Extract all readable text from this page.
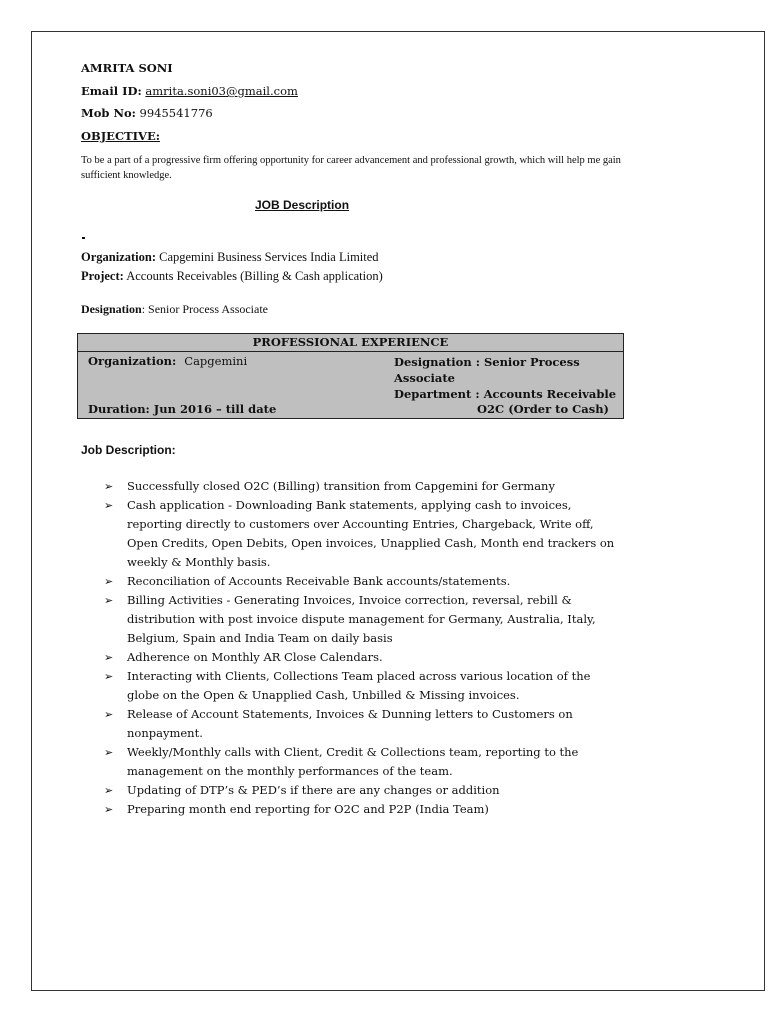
AMRITA SONI
Email ID: amrita.soni03@gmail.com
Mob No: 9945541776
OBJECTIVE:
To be a part of a progressive firm offering opportunity for career advancement and professional growth, which will help me gain sufficient knowledge.
JOB Description
Organization: Capgemini Business Services India Limited
Project: Accounts Receivables (Billing & Cash application)
Designation: Senior Process Associate
PROFESSIONAL EXPERIENCE
Organization: Capgemini	Designation : Senior Process Associate
Department : Accounts Receivable
Duration: Jun 2016 – till date	O2C (Order to Cash)
Job Description:
➢ Successfully closed O2C (Billing) transition from Capgemini for Germany
➢ Cash application - Downloading Bank statements, applying cash to invoices, reporting directly to customers over Accounting Entries, Chargeback, Write off, Open Credits, Open Debits, Open invoices, Unapplied Cash, Month end trackers on weekly & Monthly basis.
➢ Reconciliation of Accounts Receivable Bank accounts/statements.
➢ Billing Activities - Generating Invoices, Invoice correction, reversal, rebill & distribution with post invoice dispute management for Germany, Australia, Italy, Belgium, Spain and India Team on daily basis
➢ Adherence on Monthly AR Close Calendars.
➢ Interacting with Clients, Collections Team placed across various location of the globe on the Open & Unapplied Cash, Unbilled & Missing invoices.
➢ Release of Account Statements, Invoices & Dunning letters to Customers on nonpayment.
➢ Weekly/Monthly calls with Client, Credit & Collections team, reporting to the management on the monthly performances of the team.
➢ Updating of DTP’s & PED’s if there are any changes or addition
➢ Preparing month end reporting for O2C and P2P (India Team)
